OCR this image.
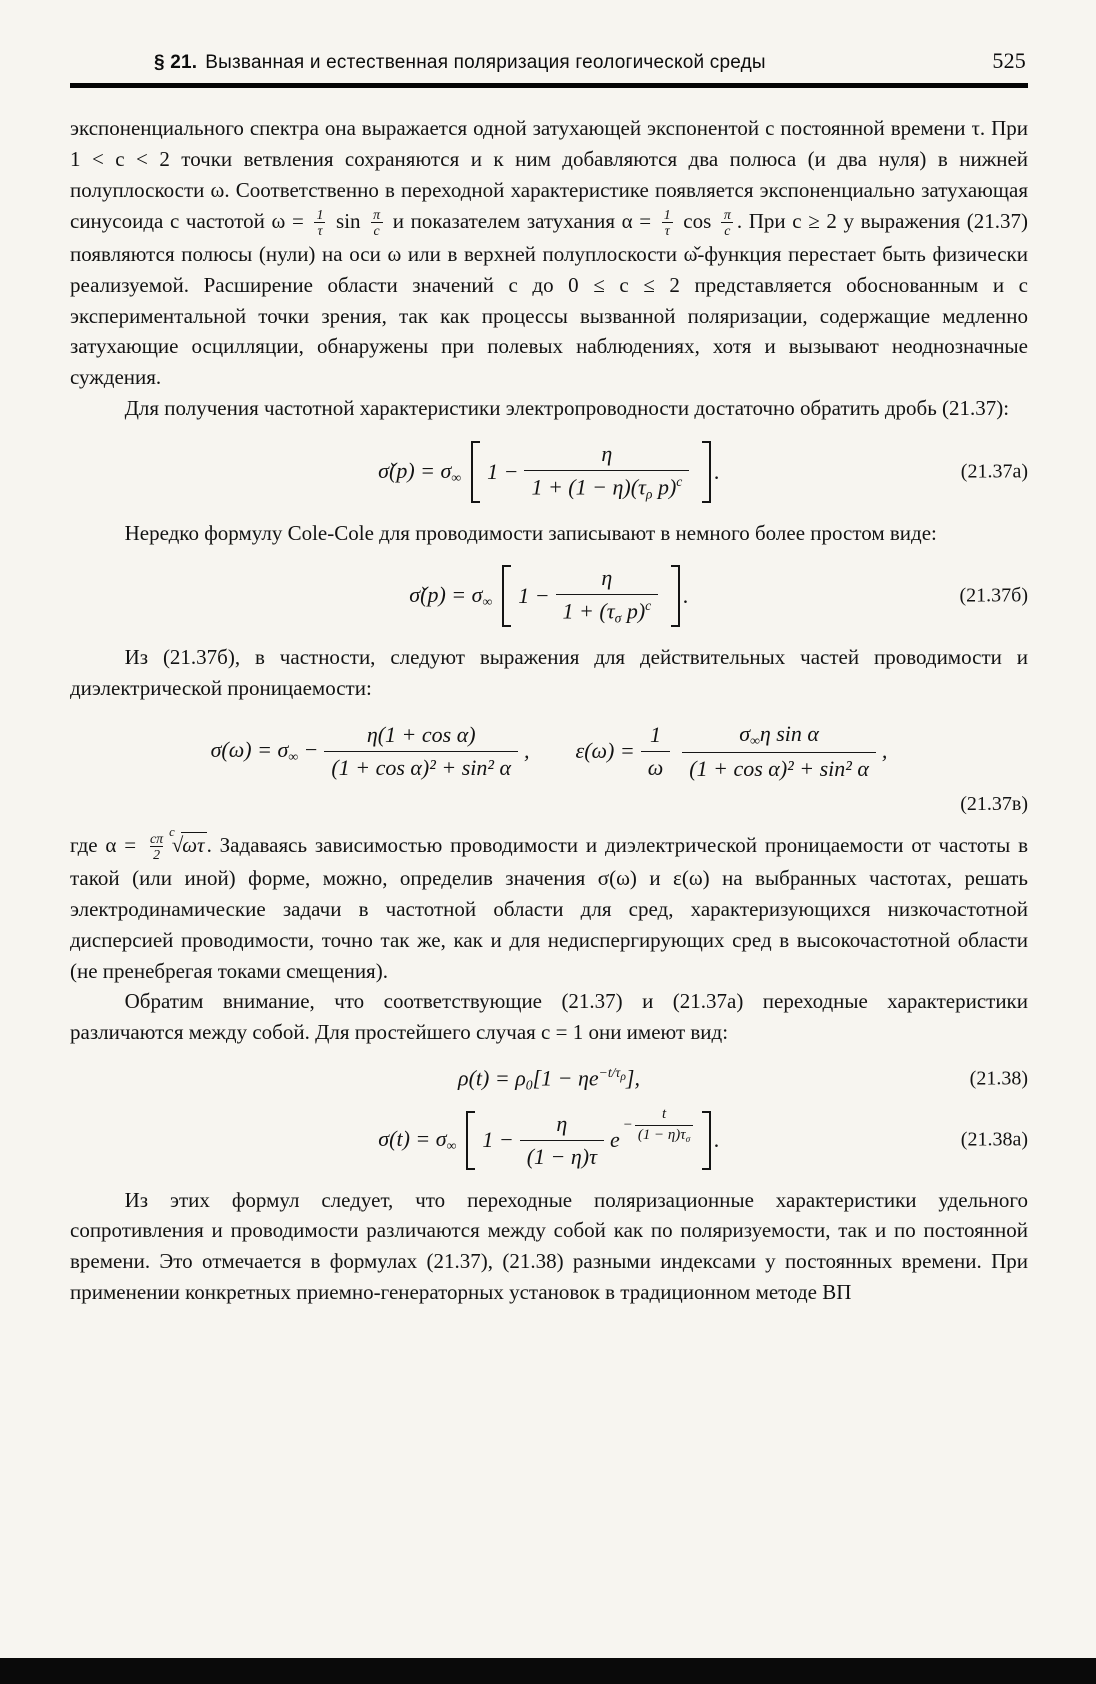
§ 21. Вызванная и естественная поляризация геологической среды	525

экспоненциального спектра она выражается одной затухающей экспонентой с постоянной времени τ. При 1 < c < 2 точки ветвления сохраняются и к ним добавляются два полюса (и два нуля) в нижней полуплоскости ω. Соответственно в переходной характеристике появляется экспоненциально затухающая синусоида с частотой $\omega = \frac{1}{\tau}$ $\sin \frac{\pi}{c}$ и показателем затухания $\alpha = \frac{1}{\tau}$ $\cos \frac{\pi}{c}$ . При c ≥ 2 у выражения (21.37) появляются полюсы (нули) на оси ω или в верхней полуплоскости ω̌-функция перестает быть физически реализуемой. Расширение области значений c до 0 ≤ c ≤ 2 представляется обоснованным и с экспериментальной точки зрения, так как процессы вызванной поляризации, содержащие медленно затухающие осцилляции, обнаружены при полевых наблюдениях, хотя и вызывают неоднозначные суждения.

Для получения частотной характеристики электропроводности достаточно обратить дробь (21.37):

σ̌(p) = $\sigma_\infty$ $1 - \frac{\eta}{1 + (1 - \eta)(\tau_\rho p)^c}$ .	(21.37а)

Нередко формулу Cole-Cole для проводимости записывают в немного более простом виде:

σ̌(p) = $\sigma_\infty$ $1 - \frac{\eta}{1 + (\tau_\sigma p)^c}$ .	(21.37б)

Из (21.37б), в частности, следуют выражения для действительных частей проводимости и диэлектрической проницаемости:

$\sigma(\omega) = \sigma_\infty - \frac{\text{η(1 + cos α)}}{\text{(1 + cos α)² + sin² α}}$ , $\varepsilon(\omega) = \frac{1}{\omega} \frac{\sigma_\infty\eta \sin \alpha}{\text{(1 + cos α)² + sin² α}}$ ,
(21.37в)

где $\alpha = \frac{c\pi}{2} ^c√\omega\tau$. Задаваясь зависимостью проводимости и диэлектрической проницаемости от частоты в такой (или иной) форме, можно, определив значения σ(ω) и ε(ω) на выбранных частотах, решать электродинамические задачи в частотной области для сред, характеризующихся низкочастотной дисперсией проводимости, точно так же, как и для недиспергирующих сред в высокочастотной области (не пренебрегая токами смещения).

Обратим внимание, что соответствующие (21.37) и (21.37а) переходные характеристики различаются между собой. Для простейшего случая c = 1 они имеют вид:

$\rho(t) = \rho_0[1 - \eta e^{-t/\tau_\rho}]$,	(21.38)
$\sigma(t) = \sigma_\infty$ $1 - \frac{\eta}{(1 - \eta)\tau}$ e
− $\frac{t}{(1 - \eta)\tau_\sigma}$ .	(21.38а)

Из этих формул следует, что переходные поляризационные характеристики удельного сопротивления и проводимости различаются между собой как по поляризуемости, так и по постоянной времени. Это отмечается в формулах (21.37), (21.38) разными индексами у постоянных времени. При применении конкретных приемно-генераторных установок в традиционном методе ВП
